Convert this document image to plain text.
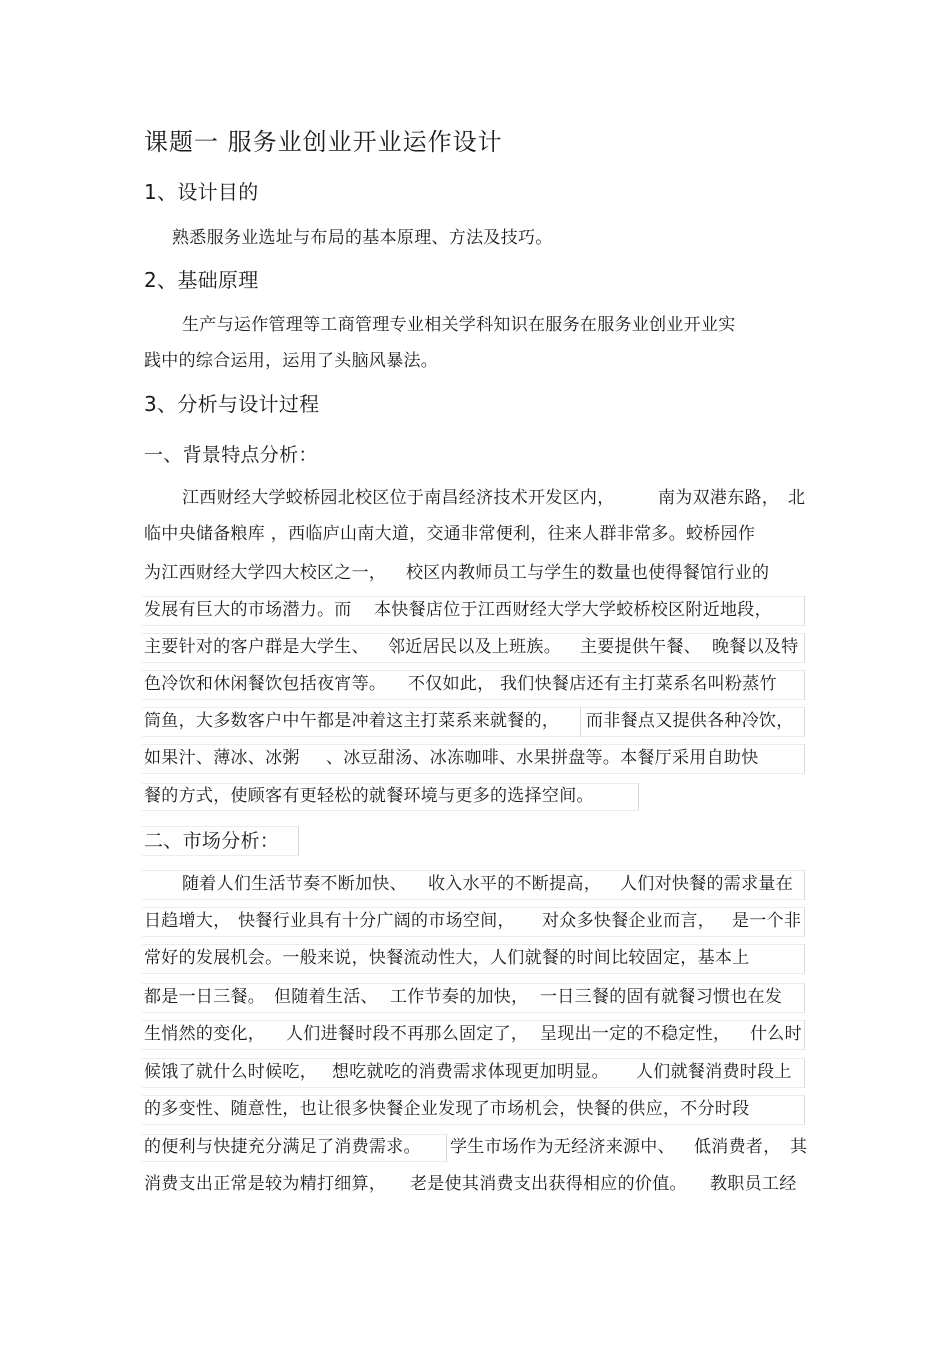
课题一 服务业创业开业运作设计
1、设计目的
熟悉服务业选址与布局的基本原理、方法及技巧。
2、基础原理
生产与运作管理等工商管理专业相关学科知识在服务在服务业创业开业实
践中的综合运用，运用了头脑风暴法。
3、分析与设计过程
一、背景特点分析：
江西财经大学蛟桥园北校区位于南昌经济技术开发区内，	南为双港东路， 北
临中央储备粮库 ，西临庐山南大道，交通非常便利，往来人群非常多。蛟桥园作
为江西财经大学四大校区之一， 校区内教师员工与学生的数量也使得餐馆行业的
发展有巨大的市场潜力。而 本快餐店位于江西财经大学大学蛟桥校区附近地段，
主要针对的客户群是大学生、 邻近居民以及上班族。 主要提供午餐、 晚餐以及特
色冷饮和休闲餐饮包括夜宵等。 不仅如此， 我们快餐店还有主打菜系名叫粉蒸竹
筒鱼，大多数客户中午都是冲着这主打菜系来就餐的， 而非餐点又提供各种冷饮，
如果汁、薄冰、冰粥 、冰豆甜汤、冰冻咖啡、水果拼盘等。本餐厅采用自助快
餐的方式，使顾客有更轻松的就餐环境与更多的选择空间。
二、市场分析：
随着人们生活节奏不断加快、 收入水平的不断提高， 人们对快餐的需求量在
日趋增大， 快餐行业具有十分广阔的市场空间， 对众多快餐企业而言， 是一个非
常好的发展机会。一般来说，快餐流动性大，人们就餐的时间比较固定，基本上
都是一日三餐。 但随着生活、 工作节奏的加快， 一日三餐的固有就餐习惯也在发
生悄然的变化， 人们进餐时段不再那么固定了， 呈现出一定的不稳定性， 什么时
候饿了就什么时候吃， 想吃就吃的消费需求体现更加明显。 人们就餐消费时段上
的多变性、随意性，也让很多快餐企业发现了市场机会，快餐的供应，不分时段
的便利与快捷充分满足了消费需求。 学生市场作为无经济来源中、 低消费者， 其
消费支出正常是较为精打细算， 老是使其消费支出获得相应的价值。 教职员工经
